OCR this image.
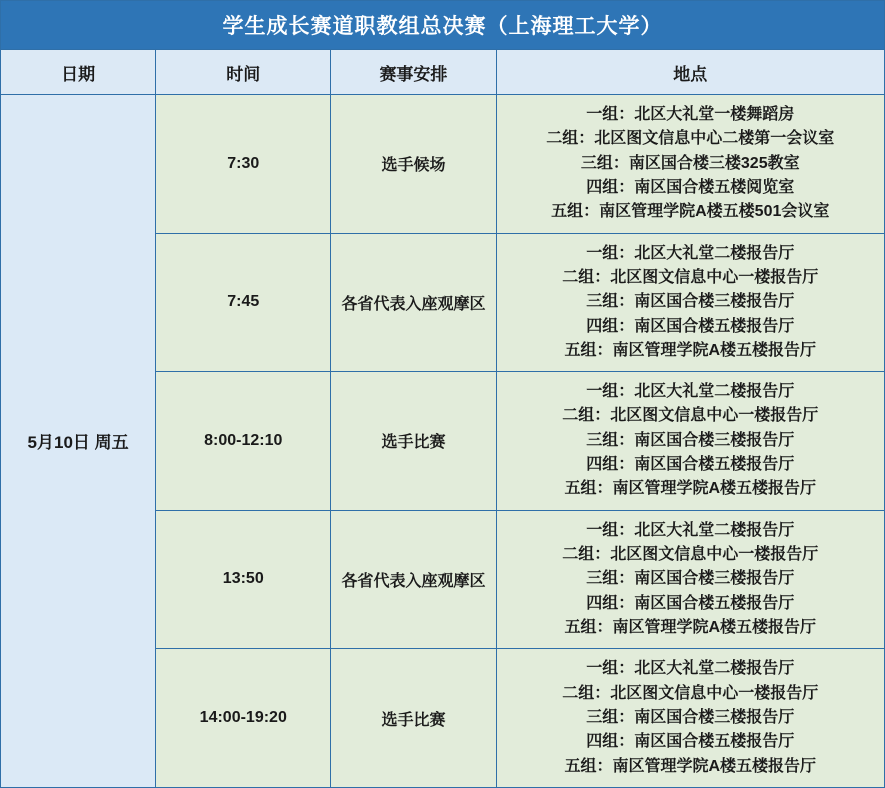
学生成长赛道职教组总决赛（上海理工大学）			
日期	时间	赛事安排	地点
5月10日 周五	7:30	选手候场	一组：北区大礼堂一楼舞蹈房
二组：北区图文信息中心二楼第一会议室
三组：南区国合楼三楼325教室
四组：南区国合楼五楼阅览室
五组：南区管理学院A楼五楼501会议室

	7:45	各省代表入座观摩区	一组：北区大礼堂二楼报告厅
二组：北区图文信息中心一楼报告厅
三组：南区国合楼三楼报告厅
四组：南区国合楼五楼报告厅
五组：南区管理学院A楼五楼报告厅

	8:00-12:10	选手比赛	一组：北区大礼堂二楼报告厅
二组：北区图文信息中心一楼报告厅
三组：南区国合楼三楼报告厅
四组：南区国合楼五楼报告厅
五组：南区管理学院A楼五楼报告厅

	13:50	各省代表入座观摩区	一组：北区大礼堂二楼报告厅
二组：北区图文信息中心一楼报告厅
三组：南区国合楼三楼报告厅
四组：南区国合楼五楼报告厅
五组：南区管理学院A楼五楼报告厅

	14:00-19:20	选手比赛	一组：北区大礼堂二楼报告厅
二组：北区图文信息中心一楼报告厅
三组：南区国合楼三楼报告厅
四组：南区国合楼五楼报告厅
五组：南区管理学院A楼五楼报告厅
